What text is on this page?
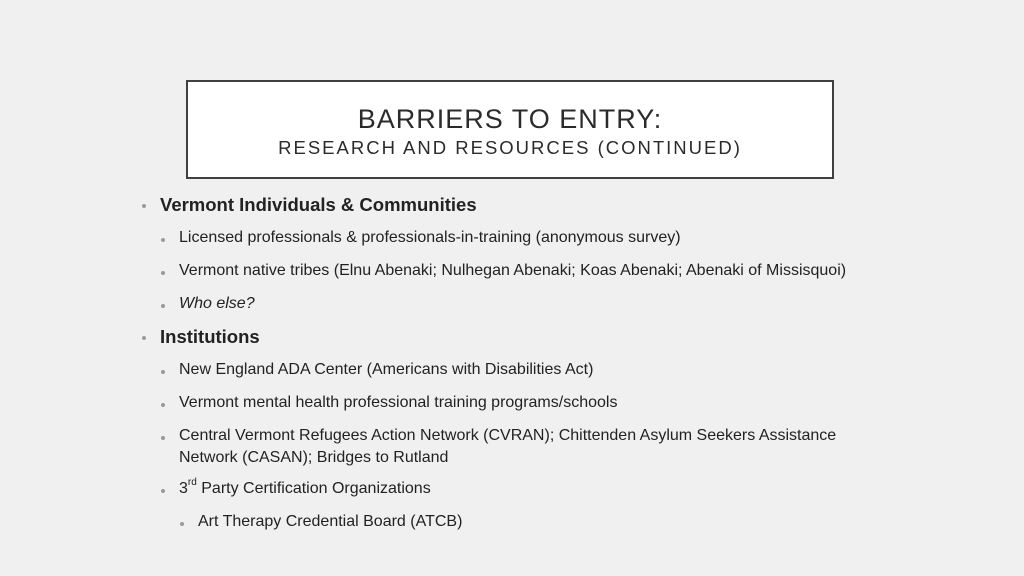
BARRIERS TO ENTRY:
RESEARCH AND RESOURCES (CONTINUED)
Vermont Individuals & Communities
Licensed professionals & professionals-in-training (anonymous survey)
Vermont native tribes (Elnu Abenaki; Nulhegan Abenaki; Koas Abenaki; Abenaki of Missisquoi)
Who else?
Institutions
New England ADA Center (Americans with Disabilities Act)
Vermont mental health professional training programs/schools
Central Vermont Refugees Action Network (CVRAN); Chittenden Asylum Seekers Assistance
Network (CASAN); Bridges to Rutland
3rd Party Certification Organizations
Art Therapy Credential Board (ATCB)
